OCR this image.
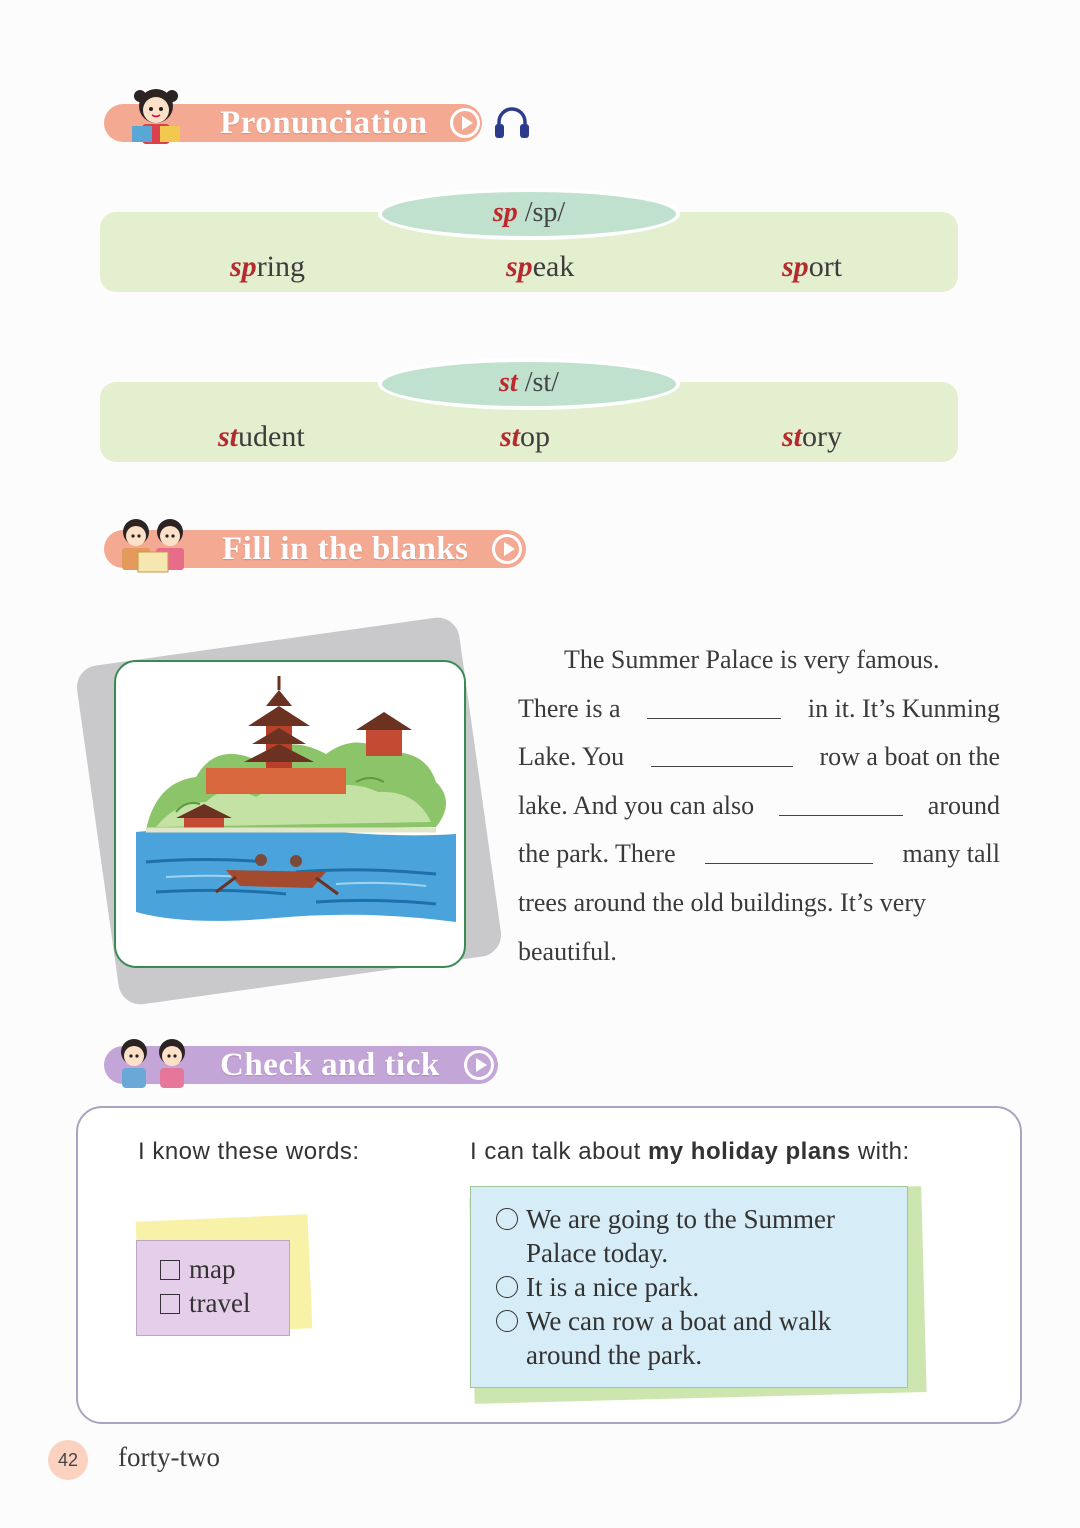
Pronunciation
sp /sp/
spring	speak	sport
st /st/
student	stop	story
Fill in the blanks
The Summer Palace is very famous.
There is a	in it. It’s Kunming
Lake. You	row a boat on the
lake. And you can also	around
the park. There	many tall
trees around the old buildings. It’s very
beautiful.
Check and tick
I know these words:	I can talk about my holiday plans with:
map
travel
We are going to the Summer
Palace today.
It is a nice park.
We can row a boat and walk
around the park.
42	forty-two
